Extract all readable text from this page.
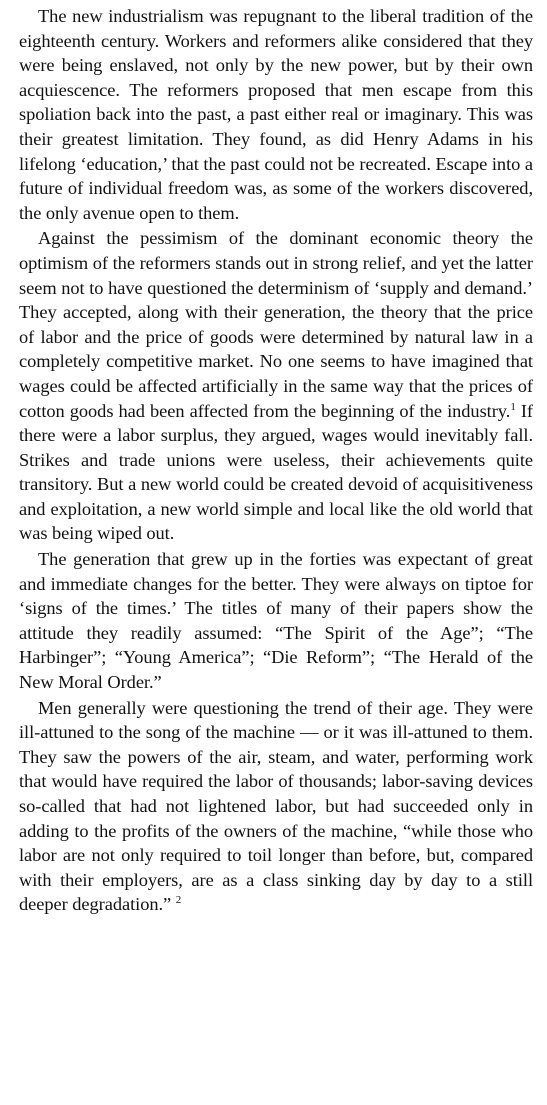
The new industrialism was repugnant to the liberal tradition of the eighteenth century. Workers and reformers alike considered that they were being enslaved, not only by the new power, but by their own acquiescence. The reformers proposed that men escape from this spoliation back into the past, a past either real or imaginary. This was their greatest limitation. They found, as did Henry Adams in his lifelong ‘education,’ that the past could not be recreated. Escape into a future of individual freedom was, as some of the workers discovered, the only avenue open to them.

Against the pessimism of the dominant economic theory the optimism of the reformers stands out in strong relief, and yet the latter seem not to have questioned the determinism of ‘supply and demand.’ They accepted, along with their generation, the theory that the price of labor and the price of goods were determined by natural law in a completely competitive market. No one seems to have imagined that wages could be affected artificially in the same way that the prices of cotton goods had been affected from the beginning of the industry.$^1$ If there were a labor surplus, they argued, wages would inevitably fall. Strikes and trade unions were useless, their achievements quite transitory. But a new world could be created devoid of acquisitiveness and exploitation, a new world simple and local like the old world that was being wiped out.

The generation that grew up in the forties was expectant of great and immediate changes for the better. They were always on tiptoe for ‘signs of the times.’ The titles of many of their papers show the attitude they readily assumed: “The Spirit of the Age”; “The Harbinger”; “Young America”; “Die Reform”; “The Herald of the New Moral Order.”

Men generally were questioning the trend of their age. They were ill-attuned to the song of the machine — or it was ill-attuned to them. They saw the powers of the air, steam, and water, performing work that would have required the labor of thousands; labor-saving devices so-called that had not lightened labor, but had succeeded only in adding to the profits of the owners of the machine, “while those who labor are not only required to toil longer than before, but, compared with their employers, are as a class sinking day by day to a still deeper degradation.” $^2$
